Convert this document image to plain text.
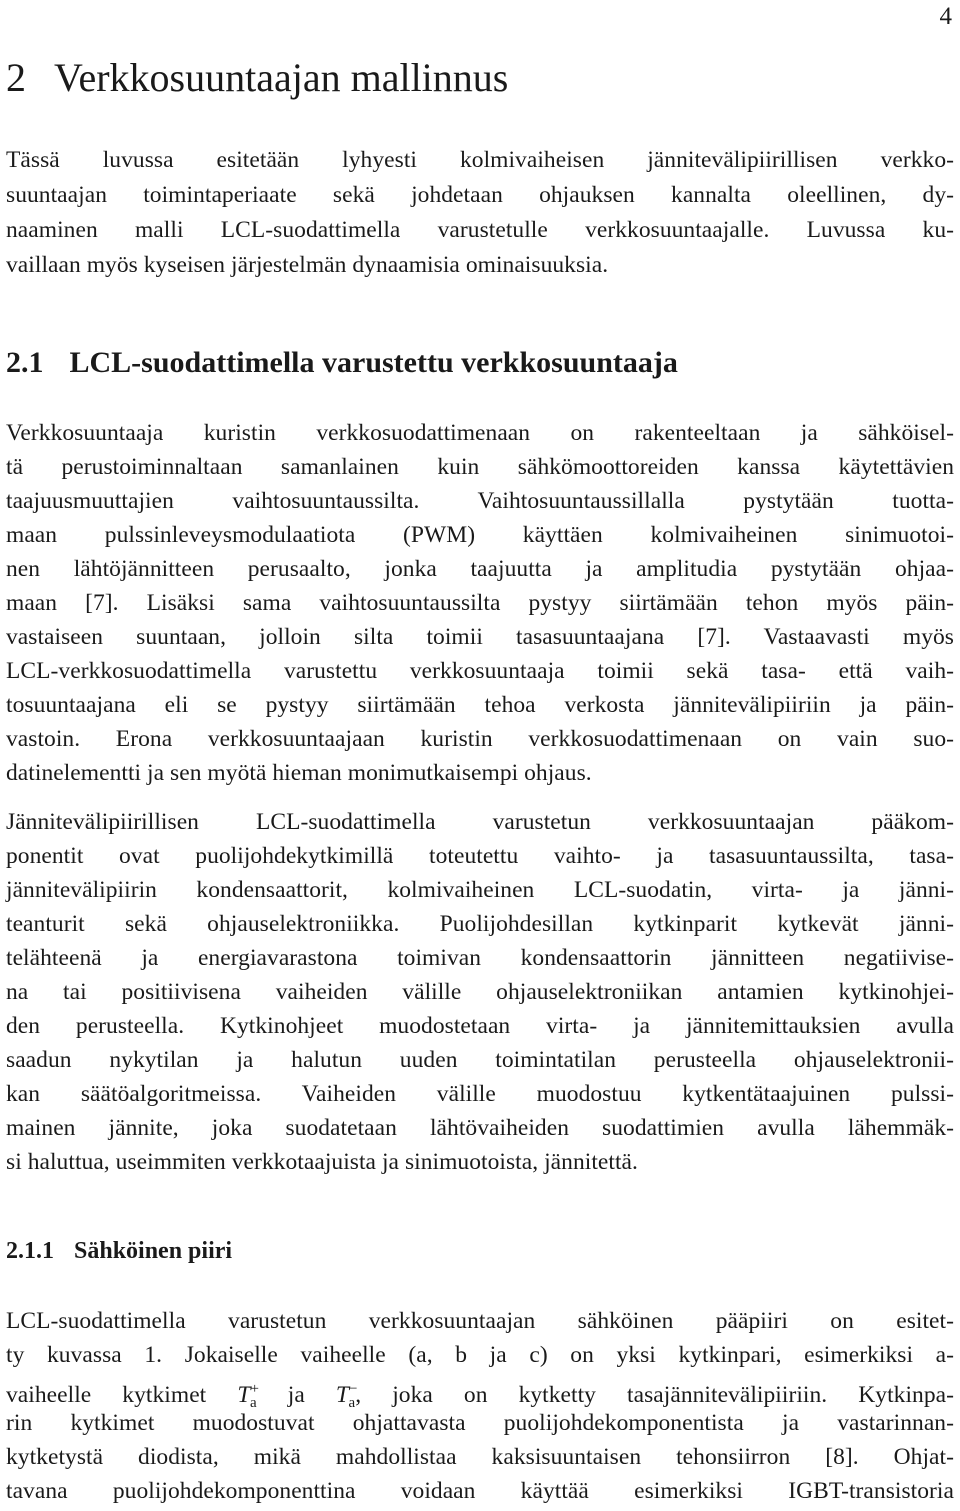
4
2 Verkkosuuntaajan mallinnus

Tässä luvussa esitetään lyhyesti kolmivaiheisen jännitevälipiirillisen verkko-
suuntaajan toimintaperiaate sekä johdetaan ohjauksen kannalta oleellinen, dy-
naaminen malli LCL-suodattimella varustetulle verkkosuuntaajalle. Luvussa ku-
vaillaan myös kyseisen järjestelmän dynaamisia ominaisuuksia.

2.1 LCL-suodattimella varustettu verkkosuuntaaja

Verkkosuuntaaja kuristin verkkosuodattimenaan on rakenteeltaan ja sähköisel-
tä perustoiminnaltaan samanlainen kuin sähkömoottoreiden kanssa käytettävien
taajuusmuuttajien vaihtosuuntaussilta. Vaihtosuuntaussillalla pystytään tuotta-
maan pulssinleveysmodulaatiota (PWM) käyttäen kolmivaiheinen sinimuotoi-
nen lähtöjännitteen perusaalto, jonka taajuutta ja amplitudia pystytään ohjaa-
maan [7]. Lisäksi sama vaihtosuuntaussilta pystyy siirtämään tehon myös päin-
vastaiseen suuntaan, jolloin silta toimii tasasuuntaajana [7]. Vastaavasti myös
LCL-verkkosuodattimella varustettu verkkosuuntaaja toimii sekä tasa- että vaih-
tosuuntaajana eli se pystyy siirtämään tehoa verkosta jännitevälipiiriin ja päin-
vastoin. Erona verkkosuuntaajaan kuristin verkkosuodattimenaan on vain suo-
datinelementti ja sen myötä hieman monimutkaisempi ohjaus.

Jännitevälipiirillisen LCL-suodattimella varustetun verkkosuuntaajan pääkom-
ponentit ovat puolijohdekytkimillä toteutettu vaihto- ja tasasuuntaussilta, tasa-
jännitevälipiirin kondensaattorit, kolmivaiheinen LCL-suodatin, virta- ja jänni-
teanturit sekä ohjauselektroniikka. Puolijohdesillan kytkinparit kytkevät jänni-
telähteenä ja energiavarastona toimivan kondensaattorin jännitteen negatiivise-
na tai positiivisena vaiheiden välille ohjauselektroniikan antamien kytkinohjei-
den perusteella. Kytkinohjeet muodostetaan virta- ja jännitemittauksien avulla
saadun nykytilan ja halutun uuden toimintatilan perusteella ohjauselektronii-
kan säätöalgoritmeissa. Vaiheiden välille muodostuu kytkentätaajuinen pulssi-
mainen jännite, joka suodatetaan lähtövaiheiden suodattimien avulla lähemmäk-
si haluttua, useimmiten verkkotaajuista ja sinimuotoista, jännitettä.

2.1.1 Sähköinen piiri

LCL-suodattimella varustetun verkkosuuntaajan sähköinen pääpiiri on esitet-
ty kuvassa 1. Jokaiselle vaiheelle (a, b ja c) on yksi kytkinpari, esimerkiksi a-
vaiheelle kytkimet $T^+_a$ ja $T^-_a$, joka on kytketty tasajännitevälipiiriin. Kytkinpa-
rin kytkimet muodostuvat ohjattavasta puolijohdekomponentista ja vastarinnan-
kytketystä diodista, mikä mahdollistaa kaksisuuntaisen tehonsiirron [8]. Ohjat-
tavana puolijohdekomponenttina voidaan käyttää esimerkiksi IGBT-transistoria
